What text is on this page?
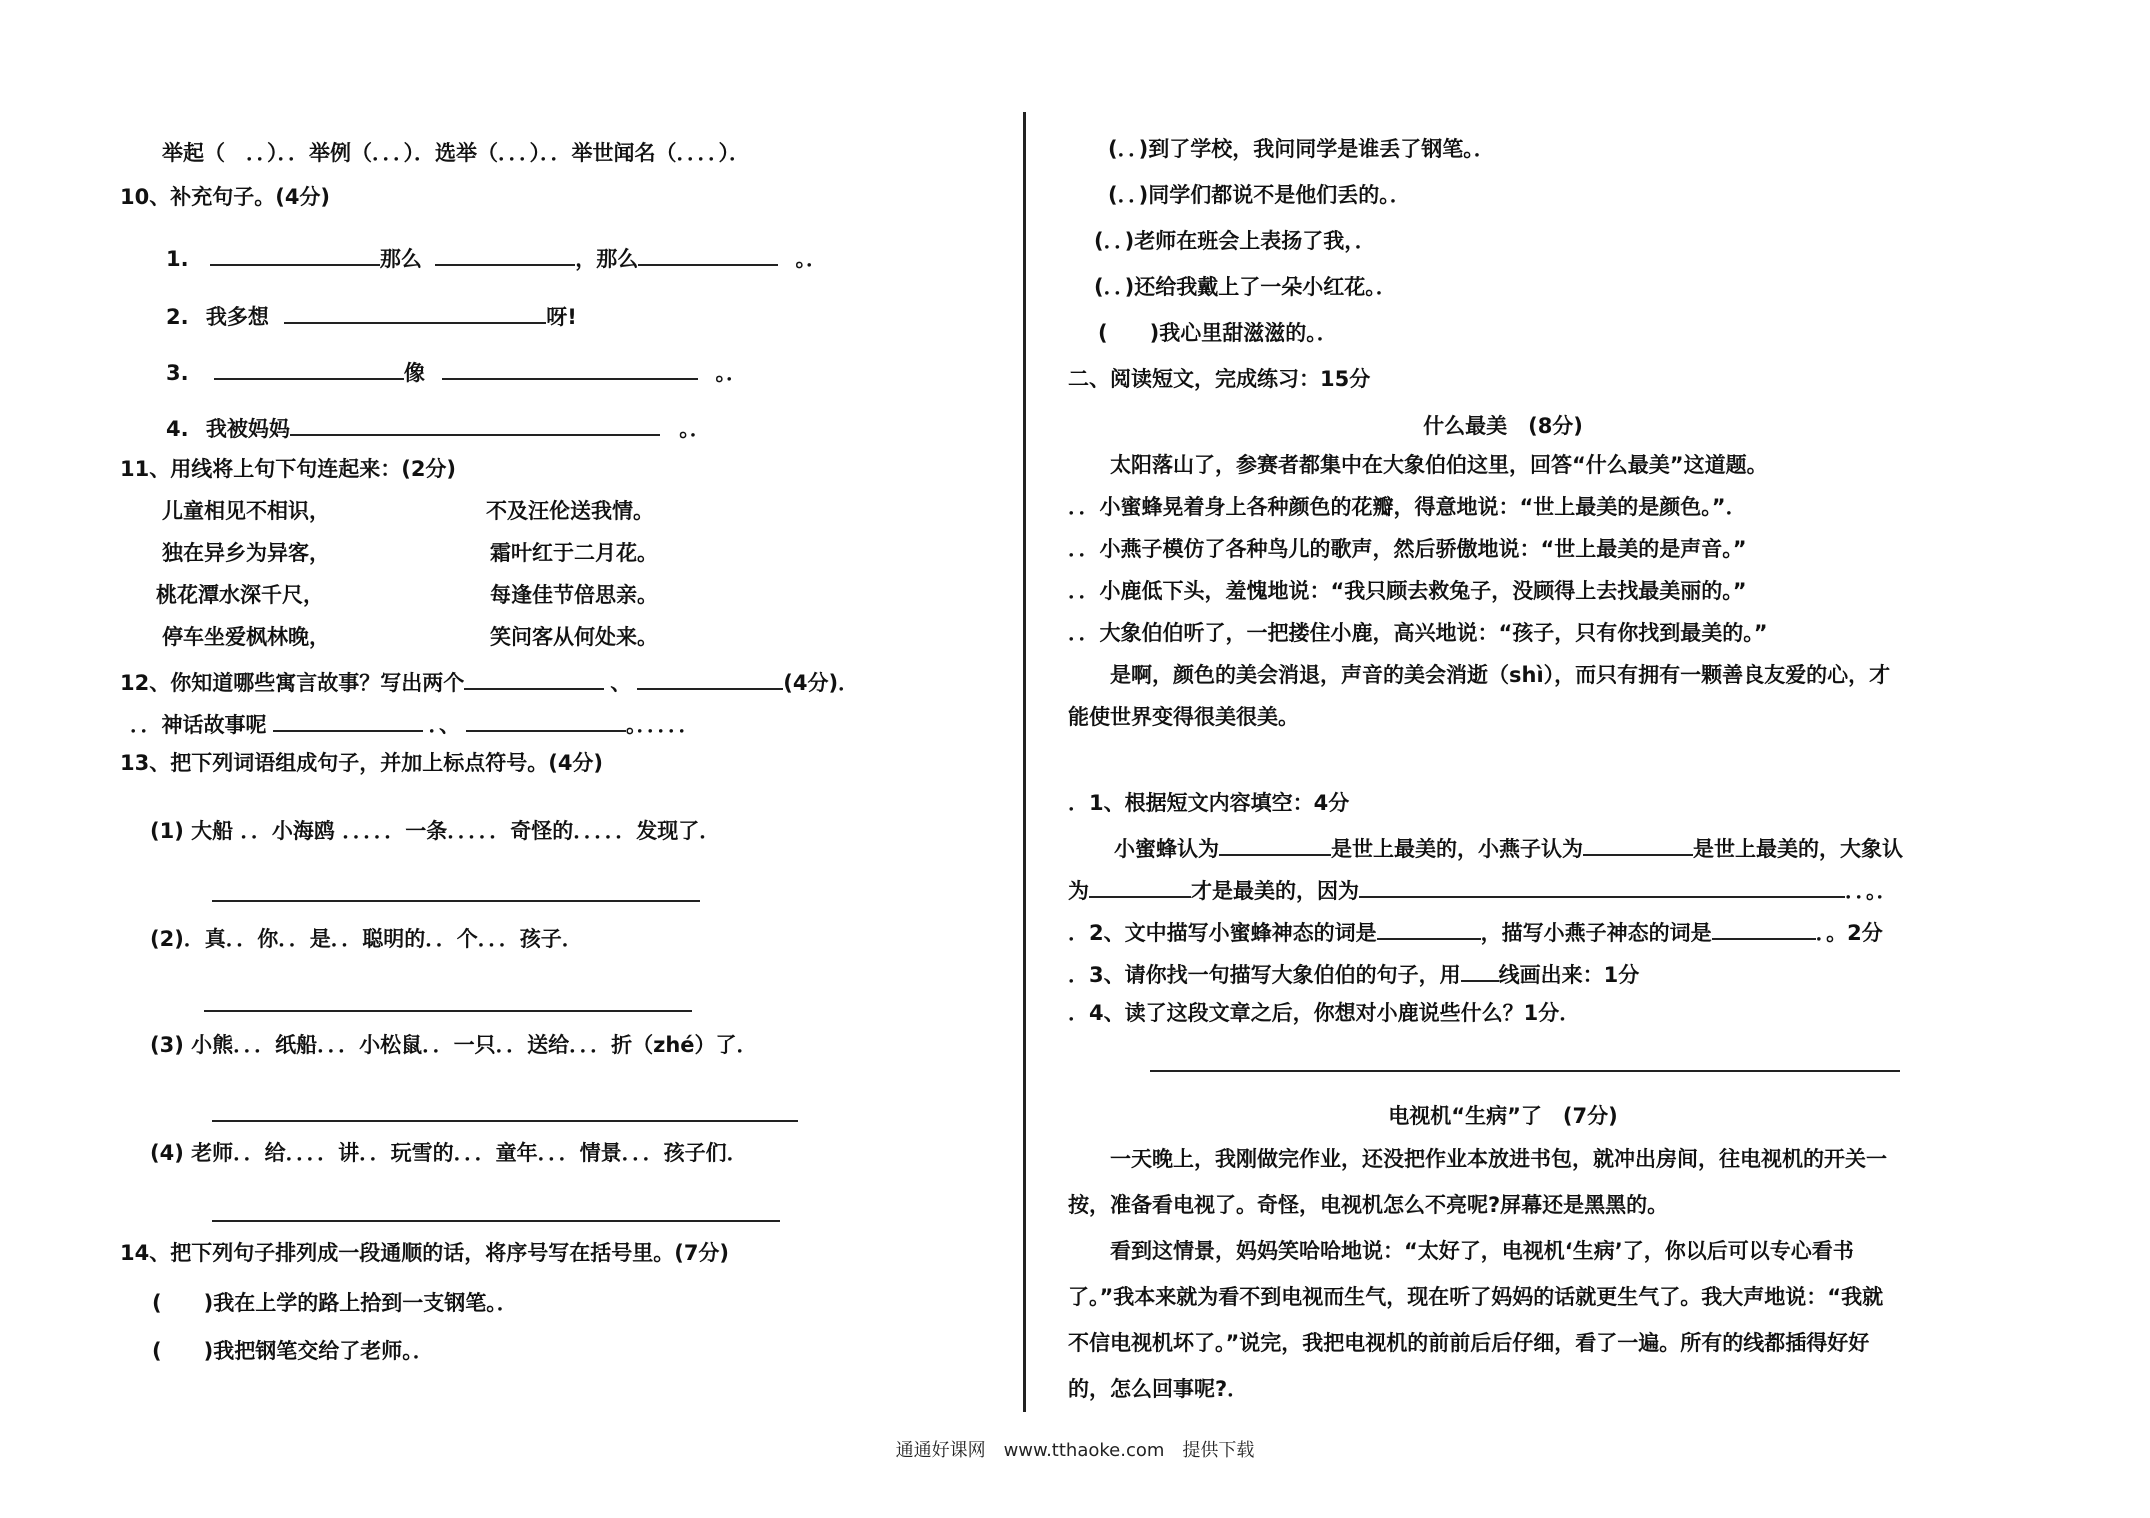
举起（　．．）．．举例（．．．）．选举（．．．）．．举世闻名（．．．．）．
10、补充句子。(4分)
1.	那么	，那么	。．
2. 我多想	呀!
3.	像	。．
4. 我被妈妈	。．
11、用线将上句下句连起来：(2分)
儿童相见不相识，	不及汪伦送我情。
独在异乡为异客，	霜叶红于二月花。
桃花潭水深千尺，	每逢佳节倍思亲。
停车坐爱枫林晚，	笑问客从何处来。
12、你知道哪些寓言故事？写出两个	、	(4分)．
．．神话故事呢	．、	。．．．．．
13、把下列词语组成句子，并加上标点符号。(4分)
(1) 大船 ．．小海鸥 ．．．．．一条．．．．．奇怪的．．．．．发现了．
(2)．真．．你．．是．．聪明的．．个．．．孩子．
(3) 小熊．．．纸船．．．小松鼠．．一只．．送给．．．折（zhé）了．
(4) 老师．．给．．．．讲．．玩雪的．．．童年．．．情景．．．孩子们．
14、把下列句子排列成一段通顺的话，将序号写在括号里。(7分)
(　　)我在上学的路上拾到一支钢笔。．
(　　)我把钢笔交给了老师。．
(．．)到了学校，我问同学是谁丢了钢笔。．
(．．)同学们都说不是他们丢的。．
(．．)老师在班会上表扬了我，．
(．．)还给我戴上了一朵小红花。．
(　　)我心里甜滋滋的。．
二、阅读短文，完成练习：15分
什么最美　(8分)
　　太阳落山了，参赛者都集中在大象伯伯这里，回答“什么最美”这道题。
．．小蜜蜂晃着身上各种颜色的花瓣，得意地说：“世上最美的是颜色。”．
．．小燕子模仿了各种鸟儿的歌声，然后骄傲地说：“世上最美的是声音。”
．．小鹿低下头，羞愧地说：“我只顾去救兔子，没顾得上去找最美丽的。”
．．大象伯伯听了，一把搂住小鹿，高兴地说：“孩子，只有你找到最美的。”
　　是啊，颜色的美会消退，声音的美会消逝（shì），而只有拥有一颗善良友爱的心，才
能使世界变得很美很美。
．1、根据短文内容填空：4分
小蜜蜂认为	是世上最美的，小燕子认为	是世上最美的，大象认
为	才是最美的，因为	．．。．
．2、文中描写小蜜蜂神态的词是	，描写小燕子神态的词是	．。2分
．3、请你找一句描写大象伯伯的句子，用 线画出来：1分
．4、读了这段文章之后，你想对小鹿说些什么？1分．
电视机“生病”了　(7分)
　　一天晚上，我刚做完作业，还没把作业本放进书包，就冲出房间，往电视机的开关一
按，准备看电视了。奇怪，电视机怎么不亮呢?屏幕还是黑黑的。
　　看到这情景，妈妈笑哈哈地说：“太好了，电视机‘生病’了，你以后可以专心看书
了。”我本来就为看不到电视而生气，现在听了妈妈的话就更生气了。我大声地说：“我就
不信电视机坏了。”说完，我把电视机的前前后后仔细，看了一遍。所有的线都插得好好
的，怎么回事呢?．
通通好课网　www.tthaoke.com　提供下载
